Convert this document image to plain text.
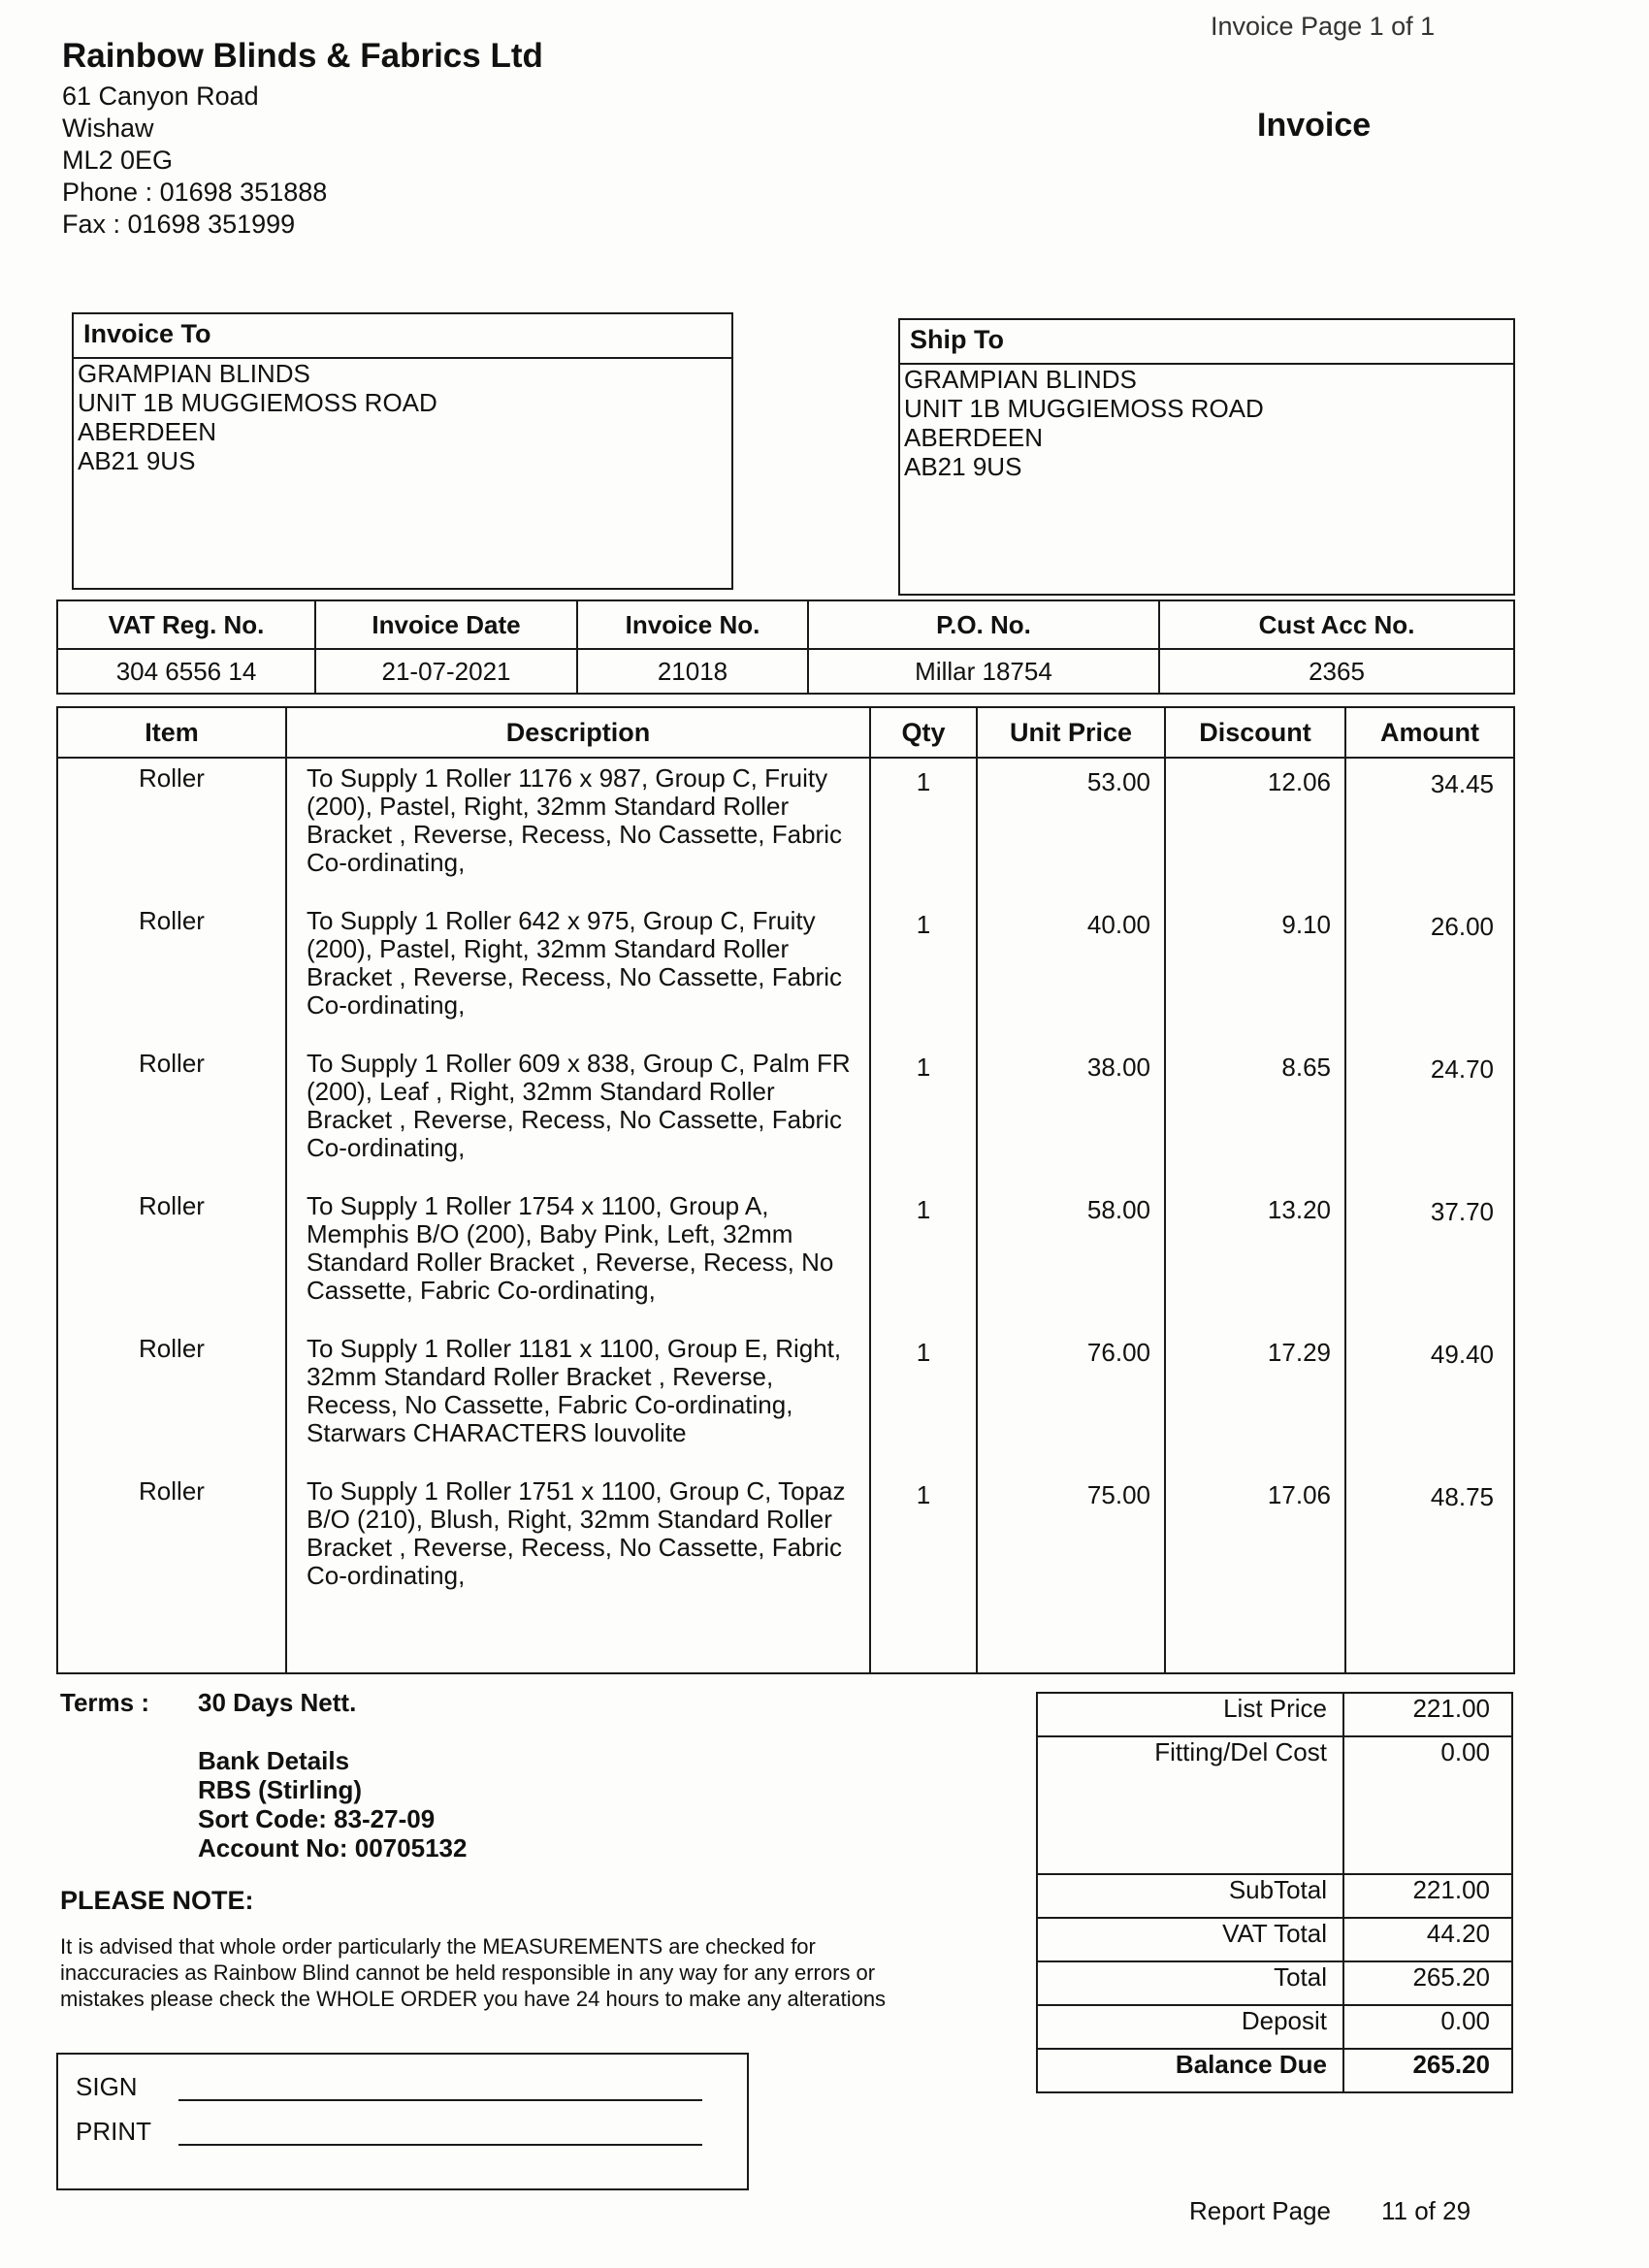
Invoice Page 1 of 1
Rainbow Blinds & Fabrics Ltd
61 Canyon Road
Wishaw
ML2 0EG
Phone : 01698 351888
Fax : 01698 351999
Invoice
Invoice To
GRAMPIAN BLINDS
UNIT 1B MUGGIEMOSS ROAD
ABERDEEN
AB21 9US
Ship To
GRAMPIAN BLINDS
UNIT 1B MUGGIEMOSS ROAD
ABERDEEN
AB21 9US
VAT Reg. No.	Invoice Date	Invoice No.	P.O. No.	Cust Acc No.
304 6556 14	21-07-2021	21018	Millar 18754	2365
Item	Description	Qty	Unit Price	Discount	Amount
Roller	To Supply 1 Roller 1176 x 987, Group C, Fruity (200), Pastel, Right, 32mm Standard Roller Bracket , Reverse, Recess, No Cassette, Fabric Co-ordinating,	1	53.00	12.06	34.45
Roller	To Supply 1 Roller 642 x 975, Group C, Fruity (200), Pastel, Right, 32mm Standard Roller Bracket , Reverse, Recess, No Cassette, Fabric Co-ordinating,	1	40.00	9.10	26.00
Roller	To Supply 1 Roller 609 x 838, Group C, Palm FR (200), Leaf , Right, 32mm Standard Roller Bracket , Reverse, Recess, No Cassette, Fabric Co-ordinating,	1	38.00	8.65	24.70
Roller	To Supply 1 Roller 1754 x 1100, Group A, Memphis B/O (200), Baby Pink, Left, 32mm Standard Roller Bracket , Reverse, Recess, No Cassette, Fabric Co-ordinating,	1	58.00	13.20	37.70
Roller	To Supply 1 Roller 1181 x 1100, Group E, Right, 32mm Standard Roller Bracket , Reverse, Recess, No Cassette, Fabric Co-ordinating, Starwars CHARACTERS louvolite	1	76.00	17.29	49.40
Roller	To Supply 1 Roller 1751 x 1100, Group C, Topaz B/O (210), Blush, Right, 32mm Standard Roller Bracket , Reverse, Recess, No Cassette, Fabric Co-ordinating,	1	75.00	17.06	48.75

Terms : 30 Days Nett.
Bank Details
RBS (Stirling)
Sort Code: 83-27-09
Account No: 00705132
PLEASE NOTE:
It is advised that whole order particularly the MEASUREMENTS are checked for
inaccuracies as Rainbow Blind cannot be held responsible in any way for any errors or
mistakes please check the WHOLE ORDER you have 24 hours to make any alterations
SIGN
PRINT
List Price	221.00
Fitting/Del Cost	0.00
SubTotal	221.00
VAT Total	44.20
Total	265.20
Deposit	0.00
Balance Due	265.20
Report Page 11 of 29
